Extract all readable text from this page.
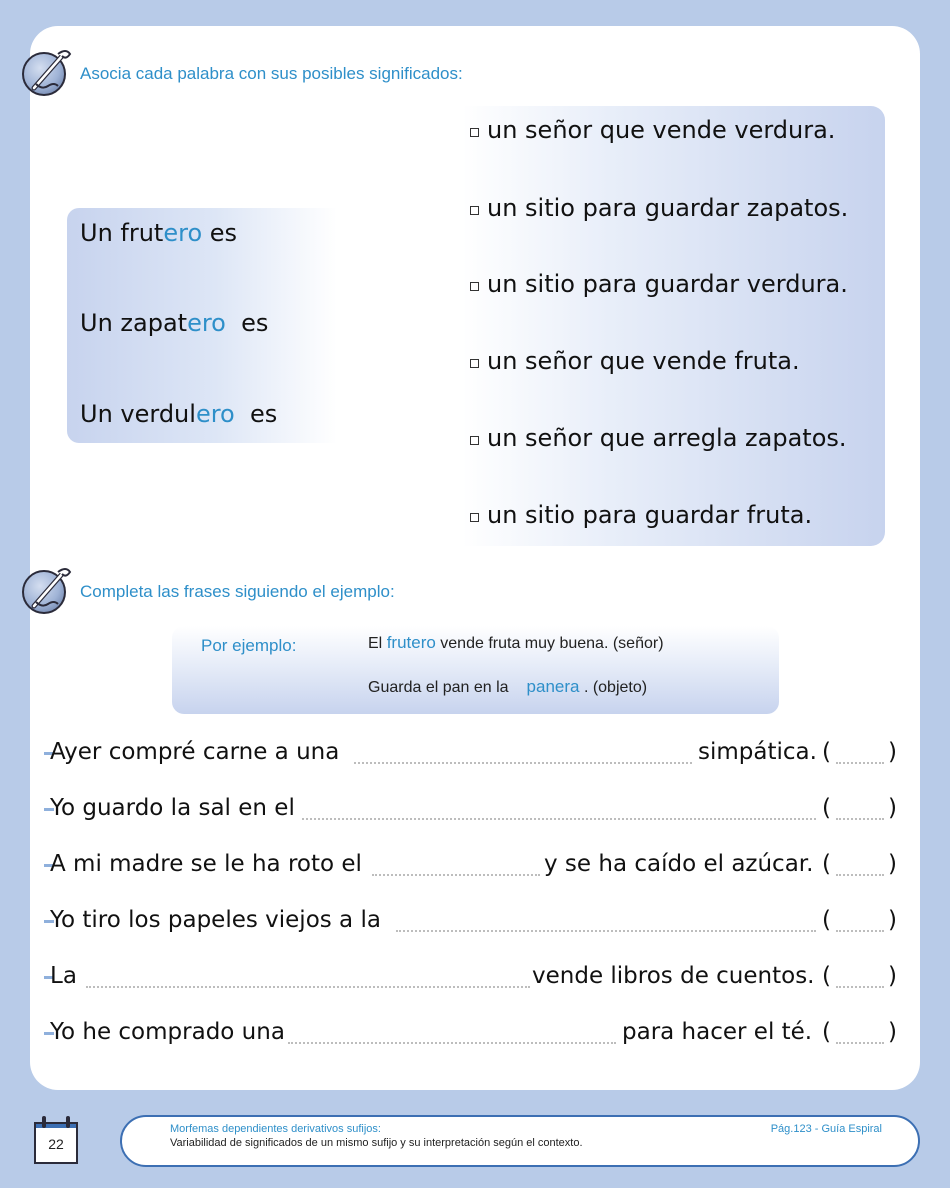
Asocia cada palabra con sus posibles significados:
Un frutero es
Un zapatero  es
Un verdulero  es
un señor que vende verdura.
un sitio para guardar zapatos.
un sitio para guardar verdura.
un señor que vende fruta.
un señor que arregla zapatos.
un sitio para guardar fruta.
Completa las frases siguiendo el ejemplo:
Por ejemplo:	El frutero vende fruta muy buena. (señor)
Guarda el pan en la panera . (objeto)
Ayer compré carne a una	simpática. ( )
Yo guardo la sal en el	( )
A mi madre se le ha roto el	y se ha caído el azúcar. ( )
Yo tiro los papeles viejos a la	( )
La	vende libros de cuentos. ( )
Yo he comprado una	para hacer el té. ( )
22
Morfemas dependientes derivativos sufijos:
Variabilidad de significados de un mismo sufijo y su interpretación según el contexto.
Pág.123 - Guía Espiral
